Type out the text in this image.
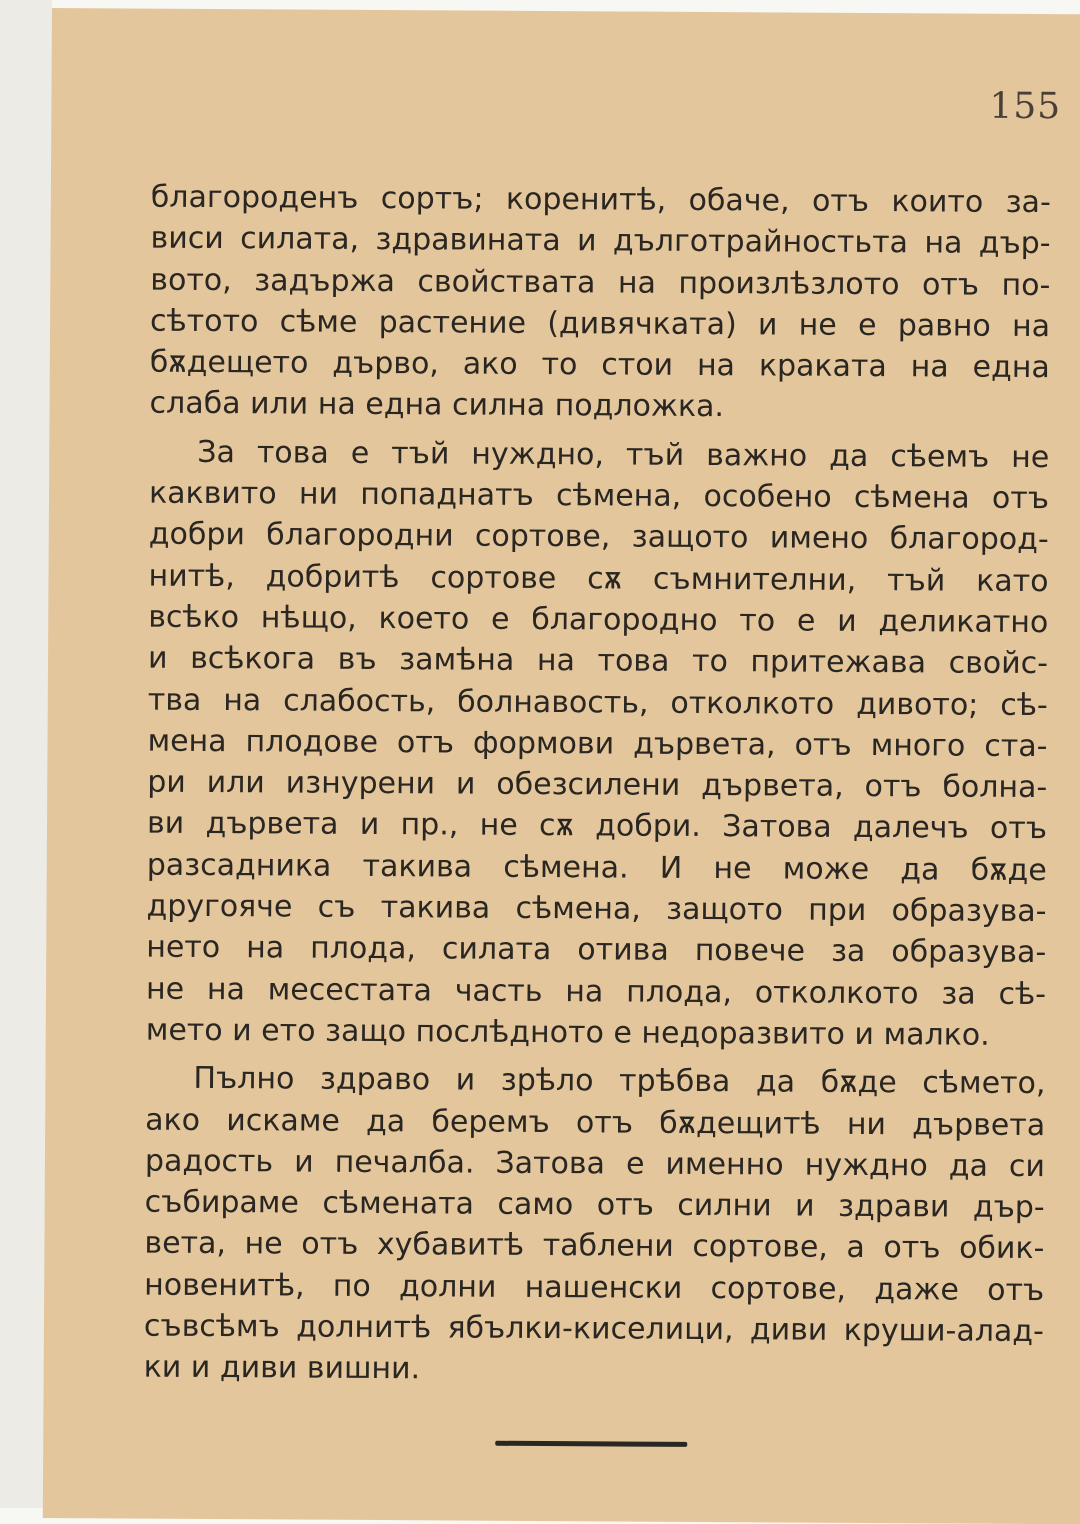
155
благороденъ сортъ; коренитѣ, обаче, отъ които за-
виси силата, здравината и дълготрайностьта на дър-
вото, задържа свойствата на произлѣзлото отъ по-
сѣтото сѣме растение (дивячката) и не е равно на
бѫдещето дърво, ако то стои на краката на една
слаба или на една силна подложка.
За това е тъй нуждно, тъй важно да сѣемъ не
каквито ни попаднатъ сѣмена, особено сѣмена отъ
добри благородни сортове, защото имено благород-
нитѣ, добритѣ сортове сѫ съмнителни, тъй като
всѣко нѣщо, което е благородно то е и деликатно
и всѣкога въ замѣна на това то притежава свойс-
тва на слабость, болнавость, отколкото дивото; сѣ-
мена плодове отъ формови дървета, отъ много ста-
ри или изнурени и обезсилени дървета, отъ болна-
ви дървета и пр., не сѫ добри. Затова далечъ отъ
разсадника такива сѣмена. И не може да бѫде
другояче съ такива сѣмена, защото при образува-
нето на плода, силата отива повече за образува-
не на месестата часть на плода, отколкото за сѣ-
мето и ето защо послѣдното е недоразвито и малко.
Пълно здраво и зрѣло трѣбва да бѫде сѣмето,
ако искаме да беремъ отъ бѫдещитѣ ни дървета
радость и печалба. Затова е именно нуждно да си
събираме сѣмената само отъ силни и здрави дър-
вета, не отъ хубавитѣ таблени сортове, а отъ обик-
новенитѣ, по долни нашенски сортове, даже отъ
съвсѣмъ долнитѣ ябълки-киселици, диви круши-алад-
ки и диви вишни.
